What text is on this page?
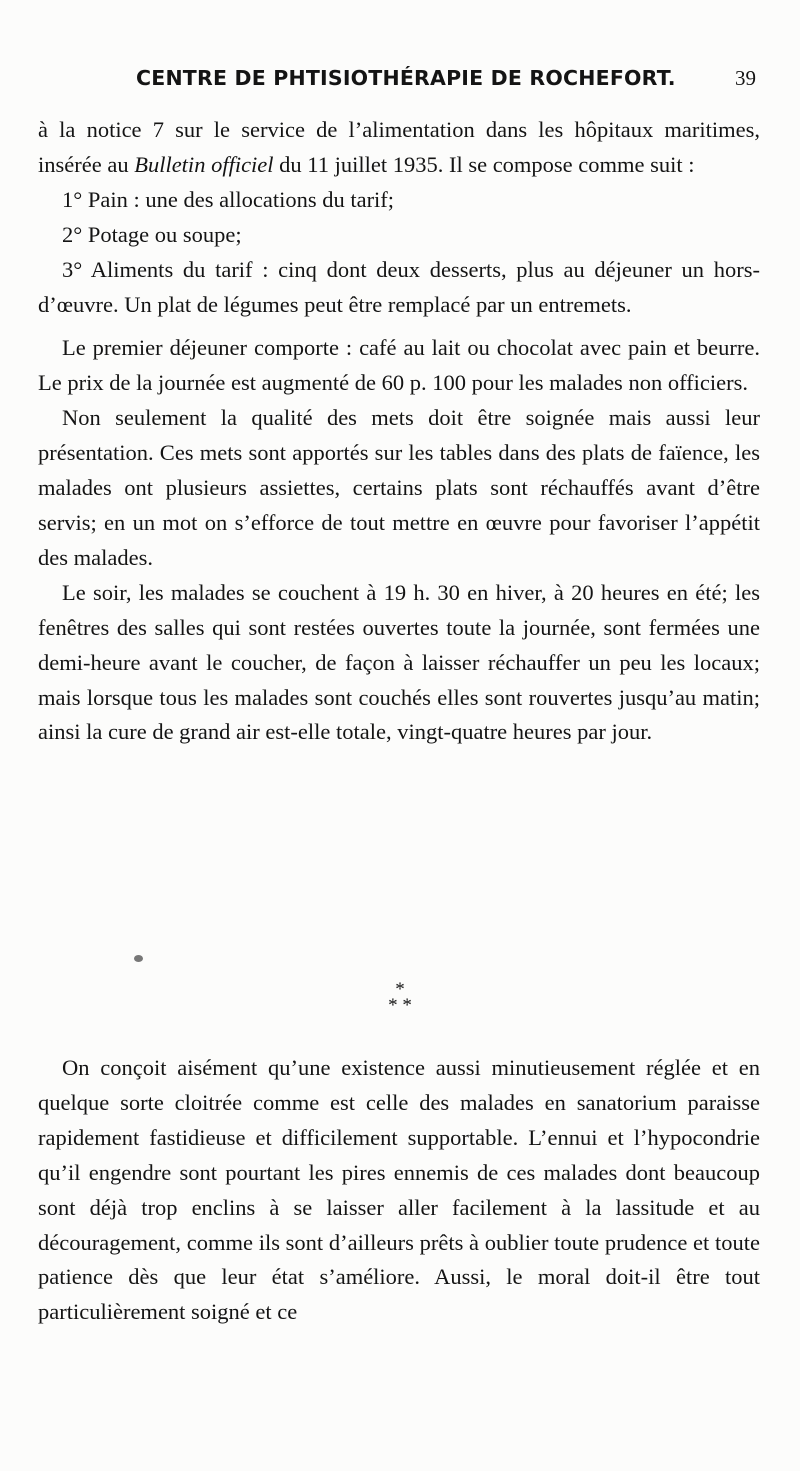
CENTRE DE PHTISIOTHÉRAPIE DE ROCHEFORT.	39

à la notice 7 sur le service de l’alimentation dans les hôpitaux maritimes, insérée au Bulletin officiel du 11 juillet 1935. Il se compose comme suit :

1° Pain : une des allocations du tarif;

2° Potage ou soupe;

3° Aliments du tarif : cinq dont deux desserts, plus au déjeuner un hors-d’œuvre. Un plat de légumes peut être remplacé par un entremets.

Le premier déjeuner comporte : café au lait ou chocolat avec pain et beurre. Le prix de la journée est augmenté de 60 p. 100 pour les malades non officiers.

Non seulement la qualité des mets doit être soignée mais aussi leur présentation. Ces mets sont apportés sur les tables dans des plats de faïence, les malades ont plusieurs assiettes, certains plats sont réchauffés avant d’être servis; en un mot on s’efforce de tout mettre en œuvre pour favoriser l’appétit des malades.

Le soir, les malades se couchent à 19 h. 30 en hiver, à 20 heures en été; les fenêtres des salles qui sont restées ouvertes toute la journée, sont fermées une demi-heure avant le coucher, de façon à laisser réchauffer un peu les locaux; mais lorsque tous les malades sont couchés elles sont rouvertes jusqu’au matin; ainsi la cure de grand air est-elle totale, vingt-quatre heures par jour.

*
* *

On conçoit aisément qu’une existence aussi minutieusement réglée et en quelque sorte cloitrée comme est celle des malades en sanatorium paraisse rapidement fastidieuse et difficilement supportable. L’ennui et l’hypocondrie qu’il engendre sont pourtant les pires ennemis de ces malades dont beaucoup sont déjà trop enclins à se laisser aller facilement à la lassitude et au découragement, comme ils sont d’ailleurs prêts à oublier toute prudence et toute patience dès que leur état s’améliore. Aussi, le moral doit-il être tout particulièrement soigné et ce
